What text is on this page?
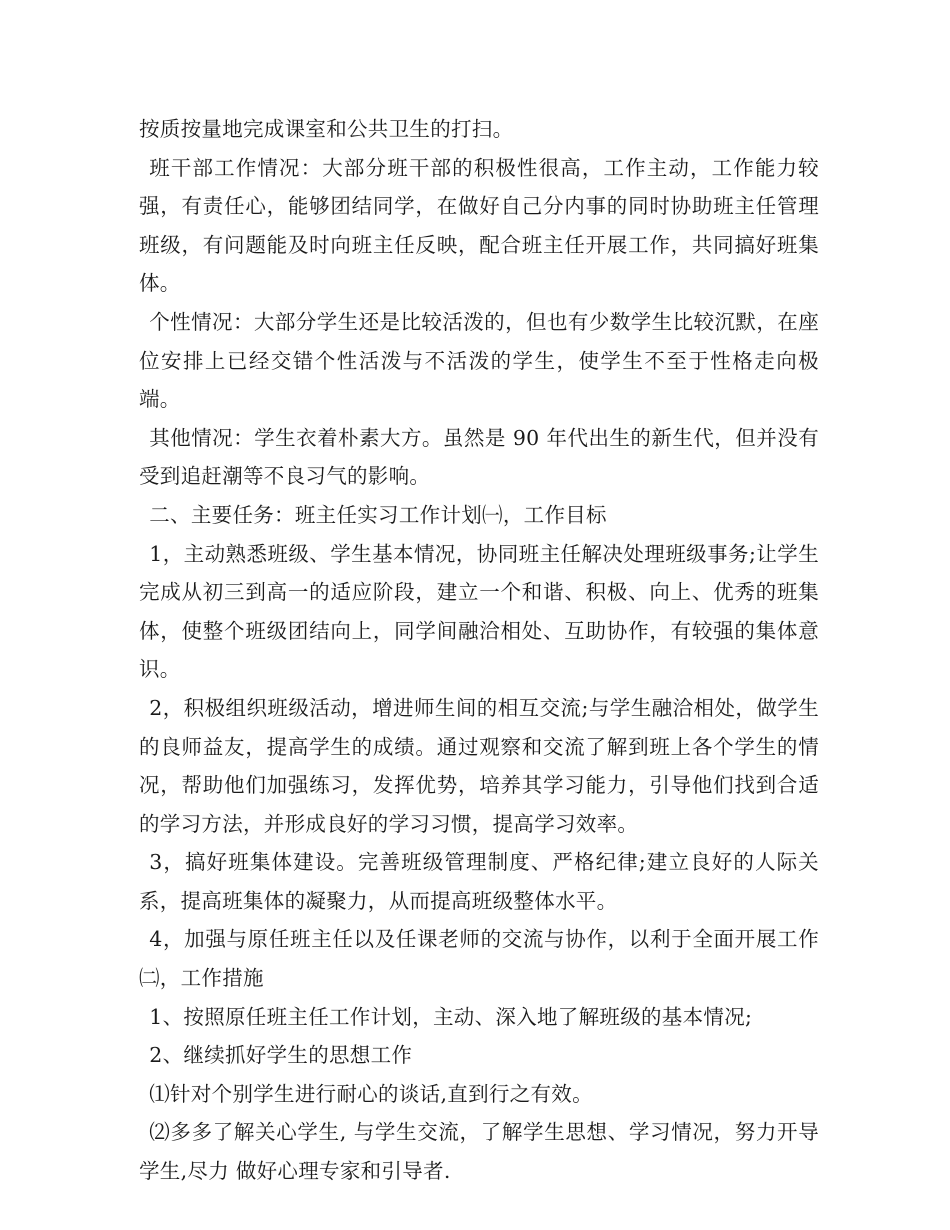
按质按量地完成课室和公共卫生的打扫。

班干部工作情况：大部分班干部的积极性很高，工作主动，工作能力较强，有责任心，能够团结同学，在做好自己分内事的同时协助班主任管理班级，有问题能及时向班主任反映，配合班主任开展工作，共同搞好班集体。

个性情况：大部分学生还是比较活泼的，但也有少数学生比较沉默，在座位安排上已经交错个性活泼与不活泼的学生，使学生不至于性格走向极端。

其他情况：学生衣着朴素大方。虽然是 90 年代出生的新生代，但并没有受到追赶潮等不良习气的影响。

二、主要任务：班主任实习工作计划㈠，工作目标

1，主动熟悉班级、学生基本情况，协同班主任解决处理班级事务;让学生完成从初三到高一的适应阶段，建立一个和谐、积极、向上、优秀的班集体，使整个班级团结向上，同学间融洽相处、互助协作，有较强的集体意识。

2，积极组织班级活动，增进师生间的相互交流;与学生融洽相处，做学生的良师益友，提高学生的成绩。通过观察和交流了解到班上各个学生的情况，帮助他们加强练习，发挥优势，培养其学习能力，引导他们找到合适的学习方法，并形成良好的学习习惯，提高学习效率。

3，搞好班集体建设。完善班级管理制度、严格纪律;建立良好的人际关系，提高班集体的凝聚力，从而提高班级整体水平。

4，加强与原任班主任以及任课老师的交流与协作，以利于全面开展工作 ㈡，工作措施

1、按照原任班主任工作计划，主动、深入地了解班级的基本情况;

2、继续抓好学生的思想工作

⑴针对个别学生进行耐心的谈话,直到行之有效。

⑵多多了解关心学生, 与学生交流，了解学生思想、学习情况，努力开导学生,尽力 做好心理专家和引导者.
